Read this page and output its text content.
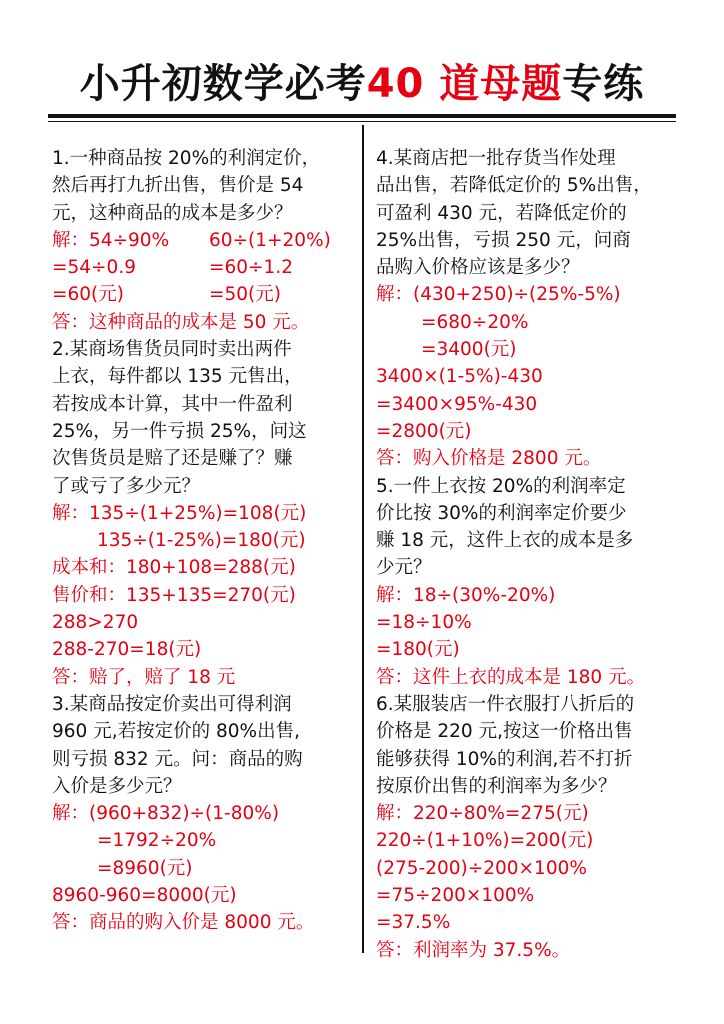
小升初数学必考40 道母题专练
1.一种商品按 20%的利润定价，
然后再打九折出售，售价是 54
元，这种商品的成本是多少？
解：54÷90% 60÷(1+20%)
=54÷0.9	=60÷1.2
=60(元)	=50(元)
答：这种商品的成本是 50 元。
2.某商场售货员同时卖出两件
上衣，每件都以 135 元售出，
若按成本计算，其中一件盈利
25%，另一件亏损 25%，问这
次售货员是赔了还是赚了？赚
了或亏了多少元？
解：135÷(1+25%)=108(元)
135÷(1-25%)=180(元)
成本和：180+108=288(元)
售价和：135+135=270(元)
288>270
288-270=18(元)
答：赔了，赔了 18 元
3.某商品按定价卖出可得利润
960 元,若按定价的 80%出售,
则亏损 832 元。问：商品的购
入价是多少元？
解：(960+832)÷(1-80%)
=1792÷20%
=8960(元)
8960-960=8000(元)
答：商品的购入价是 8000 元。
4.某商店把一批存货当作处理
品出售，若降低定价的 5%出售，
可盈利 430 元，若降低定价的
25%出售，亏损 250 元，问商
品购入价格应该是多少？
解：(430+250)÷(25%-5%)
=680÷20%
=3400(元)
3400×(1-5%)-430
=3400×95%-430
=2800(元)
答：购入价格是 2800 元。
5.一件上衣按 20%的利润率定
价比按 30%的利润率定价要少
赚 18 元，这件上衣的成本是多
少元？
解：18÷(30%-20%)
=18÷10%
=180(元)
答：这件上衣的成本是 180 元。
6.某服装店一件衣服打八折后的
价格是 220 元,按这一价格出售
能够获得 10%的利润,若不打折
按原价出售的利润率为多少？
解：220÷80%=275(元)
220÷(1+10%)=200(元)
(275-200)÷200×100%
=75÷200×100%
=37.5%
答：利润率为 37.5%。
